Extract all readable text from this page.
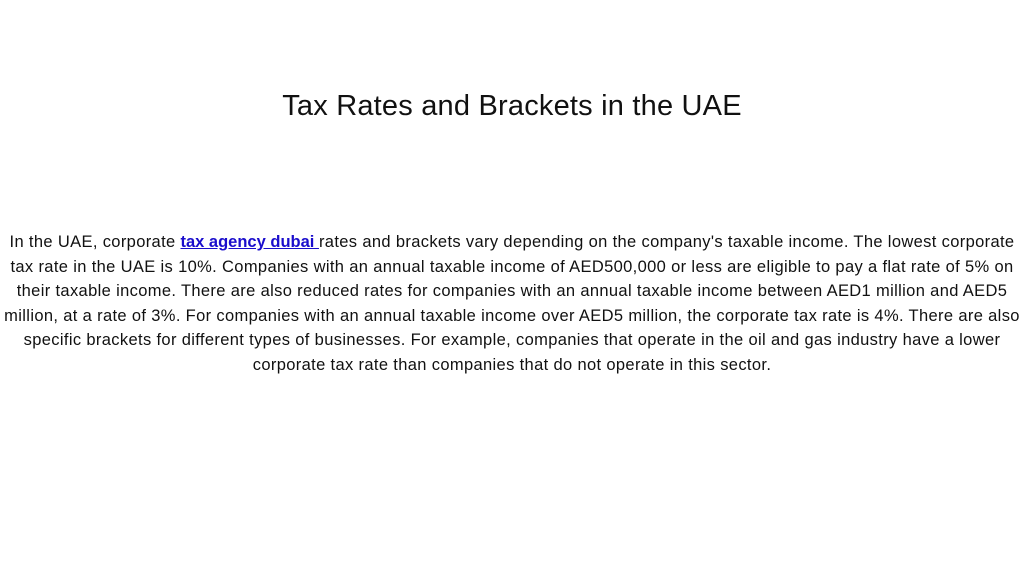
Tax Rates and Brackets in the UAE

In the UAE, corporate tax agency dubai rates and brackets vary depending on the company's taxable income. The lowest corporate tax rate in the UAE is 10%. Companies with an annual taxable income of AED500,000 or less are eligible to pay a flat rate of 5% on their taxable income. There are also reduced rates for companies with an annual taxable income between AED1 million and AED5 million, at a rate of 3%. For companies with an annual taxable income over AED5 million, the corporate tax rate is 4%. There are also specific brackets for different types of businesses. For example, companies that operate in the oil and gas industry have a lower corporate tax rate than companies that do not operate in this sector.
